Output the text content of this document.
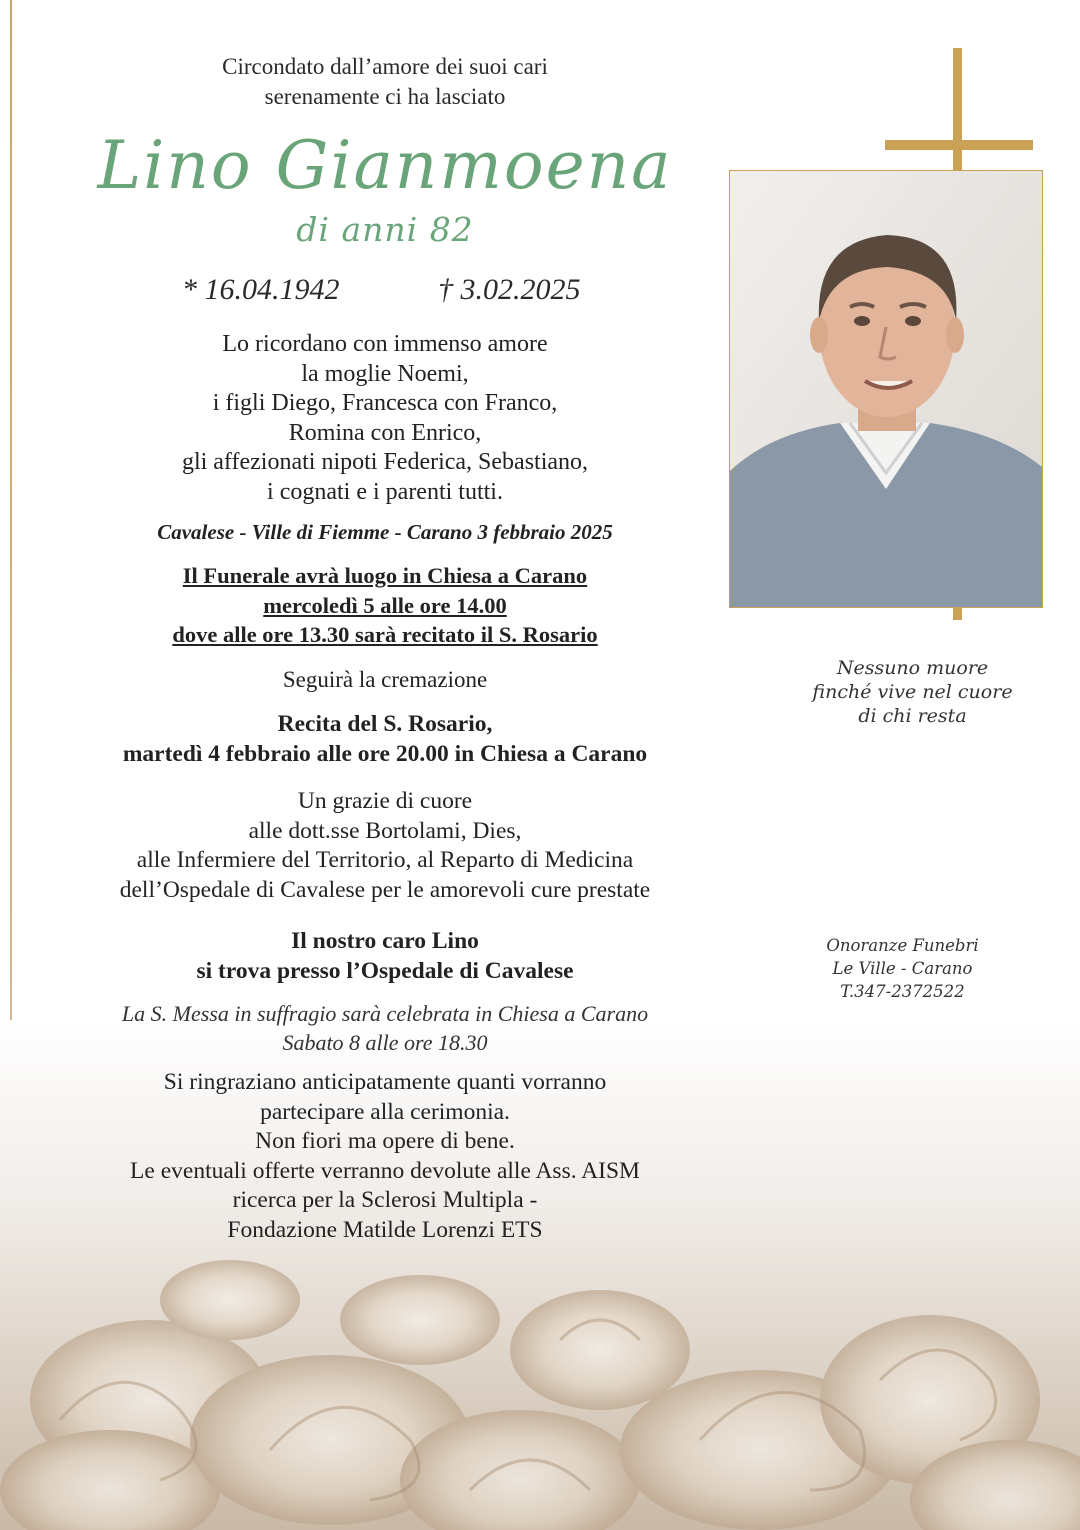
Circondato dall’amore dei suoi cari
serenamente ci ha lasciato
Lino Gianmoena
di anni 82
* 16.04.1942	† 3.02.2025
Lo ricordano con immenso amore
la moglie Noemi,
i figli Diego, Francesca con Franco,
Romina con Enrico,
gli affezionati nipoti Federica, Sebastiano,
i cognati e i parenti tutti.
Cavalese - Ville di Fiemme - Carano 3 febbraio 2025
Il Funerale avrà luogo in Chiesa a Carano
mercoledì 5 alle ore 14.00
dove alle ore 13.30 sarà recitato il S. Rosario
Seguirà la cremazione
Recita del S. Rosario,
martedì 4 febbraio alle ore 20.00 in Chiesa a Carano
Un grazie di cuore
alle dott.sse Bortolami, Dies,
alle Infermiere del Territorio, al Reparto di Medicina
dell’Ospedale di Cavalese per le amorevoli cure prestate
Il nostro caro Lino
si trova presso l’Ospedale di Cavalese
La S. Messa in suffragio sarà celebrata in Chiesa a Carano
Sabato 8 alle ore 18.30
Si ringraziano anticipatamente quanti vorranno
partecipare alla cerimonia.
Non fiori ma opere di bene.
Le eventuali offerte verranno devolute alle Ass. AISM
ricerca per la Sclerosi Multipla -
Fondazione Matilde Lorenzi ETS
Nessuno muore
finché vive nel cuore
di chi resta
Onoranze Funebri
Le Ville - Carano
T.347-2372522
